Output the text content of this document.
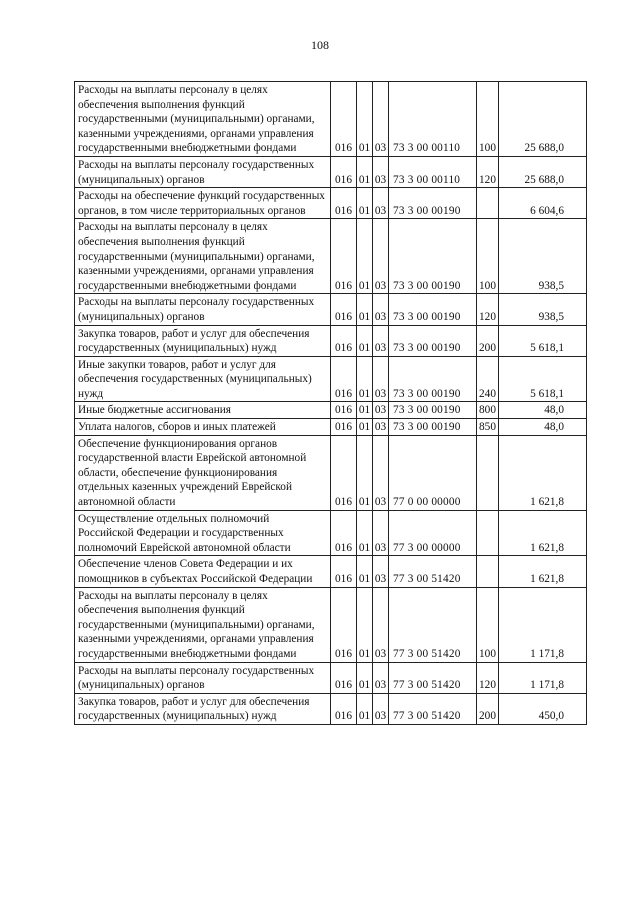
108
Расходы на выплаты персоналу в целях обеспечения выполнения функций государственными (муниципальными) органами, казенными учреждениями, органами управления государственными внебюджетными фондами	016	01	03	73 3 00 00110	100	25 688,0
Расходы на выплаты персоналу государственных (муниципальных) органов	016	01	03	73 3 00 00110	120	25 688,0
Расходы на обеспечение функций государственных органов, в том числе территориальных органов	016	01	03	73 3 00 00190		6 604,6
Расходы на выплаты персоналу в целях обеспечения выполнения функций государственными (муниципальными) органами, казенными учреждениями, органами управления государственными внебюджетными фондами	016	01	03	73 3 00 00190	100	938,5
Расходы на выплаты персоналу государственных (муниципальных) органов	016	01	03	73 3 00 00190	120	938,5
Закупка товаров, работ и услуг для обеспечения государственных (муниципальных) нужд	016	01	03	73 3 00 00190	200	5 618,1
Иные закупки товаров, работ и услуг для обеспечения государственных (муниципальных) нужд	016	01	03	73 3 00 00190	240	5 618,1
Иные бюджетные ассигнования	016	01	03	73 3 00 00190	800	48,0
Уплата налогов, сборов и иных платежей	016	01	03	73 3 00 00190	850	48,0
Обеспечение функционирования органов государственной власти Еврейской автономной области, обеспечение функционирования отдельных казенных учреждений Еврейской автономной области	016	01	03	77 0 00 00000		1 621,8
Осуществление отдельных полномочий Российской Федерации и государственных полномочий Еврейской автономной области	016	01	03	77 3 00 00000		1 621,8
Обеспечение членов Совета Федерации и их помощников в субъектах Российской Федерации	016	01	03	77 3 00 51420		1 621,8
Расходы на выплаты персоналу в целях обеспечения выполнения функций государственными (муниципальными) органами, казенными учреждениями, органами управления государственными внебюджетными фондами	016	01	03	77 3 00 51420	100	1 171,8
Расходы на выплаты персоналу государственных (муниципальных) органов	016	01	03	77 3 00 51420	120	1 171,8
Закупка товаров, работ и услуг для обеспечения государственных (муниципальных) нужд	016	01	03	77 3 00 51420	200	450,0
